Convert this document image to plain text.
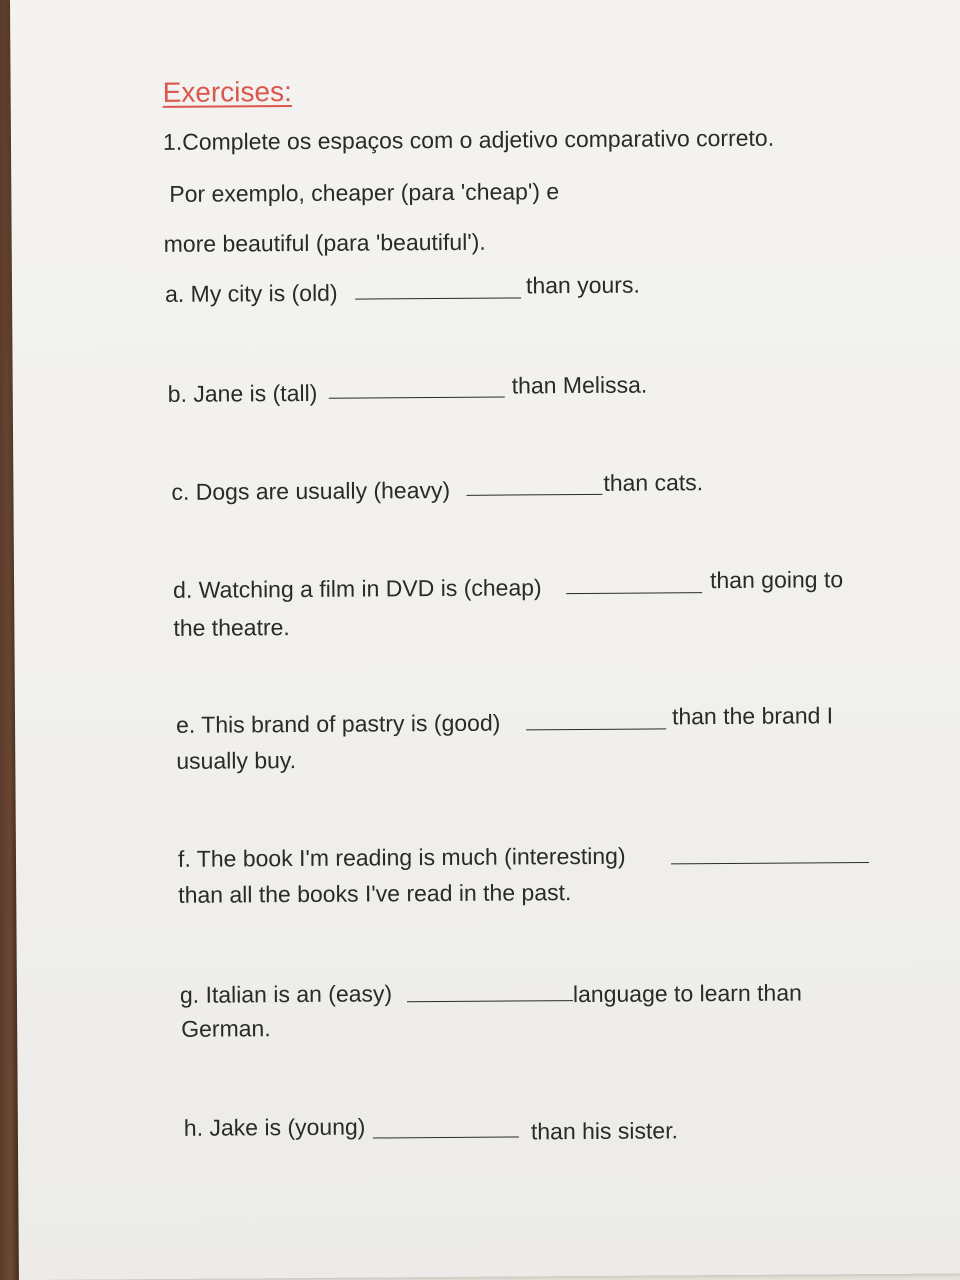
Exercises:
1.Complete os espaços com o adjetivo comparativo correto.
Por exemplo, cheaper (para 'cheap') e
more beautiful (para 'beautiful').
a. My city is (old)	than yours.
b. Jane is (tall)	than Melissa.
c. Dogs are usually (heavy)	than cats.
d. Watching a film in DVD is (cheap)	than going to
the theatre.
e. This brand of pastry is (good)	than the brand I
usually buy.
f. The book I'm reading is much (interesting)
than all the books I've read in the past.
g. Italian is an (easy)	language to learn than
German.
h. Jake is (young)	than his sister.
